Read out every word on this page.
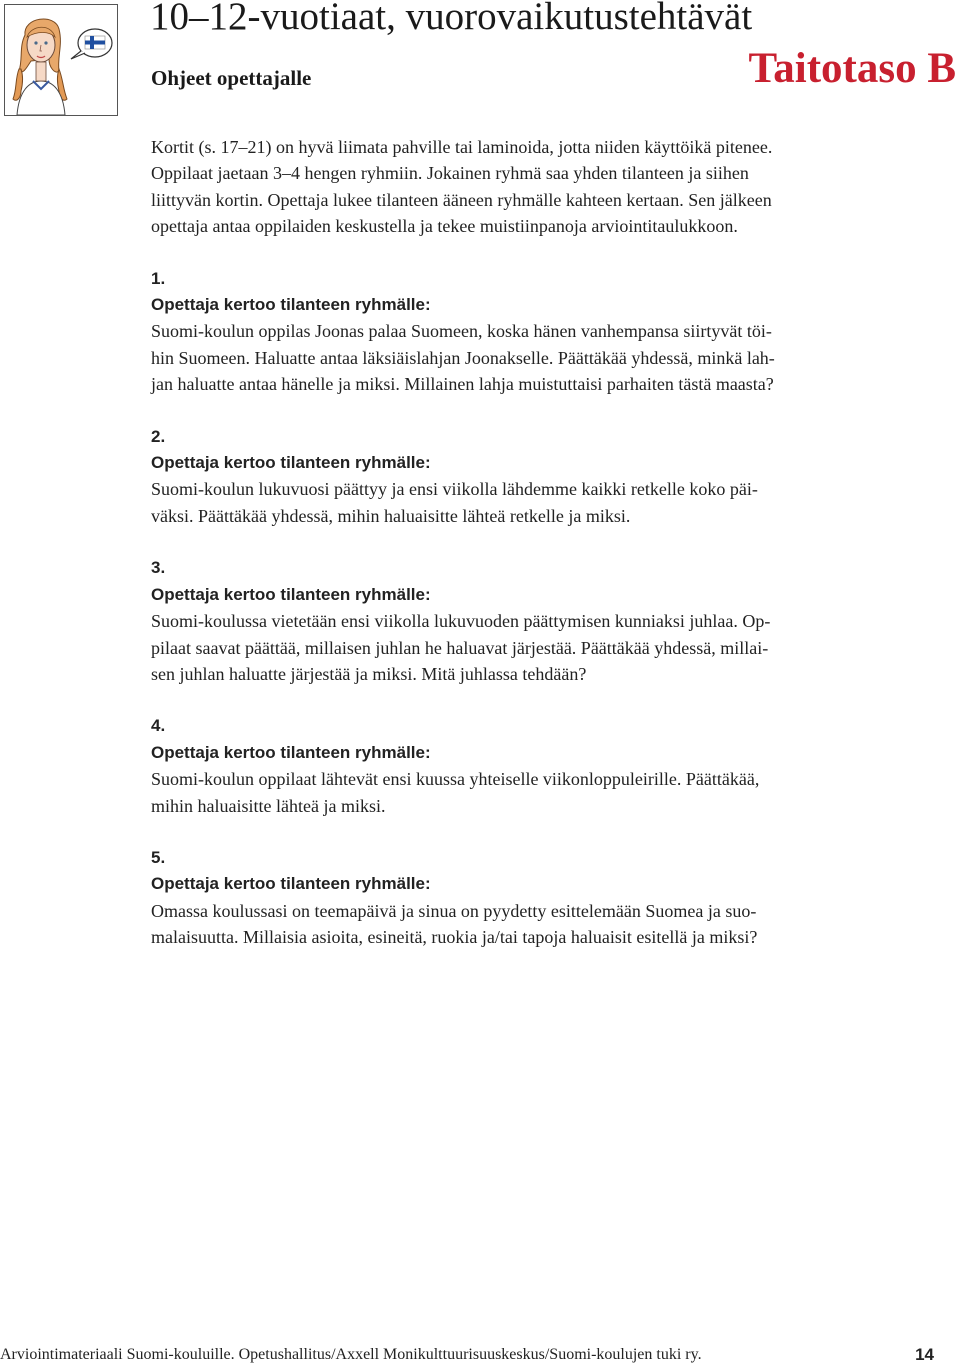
10–12-vuotiaat, vuorovaikutustehtävät
Ohjeet opettajalle	Taitotaso B

Kortit (s. 17–21) on hyvä liimata pahville tai laminoida, jotta niiden käyttöikä pitenee.

Oppilaat jaetaan 3–4 hengen ryhmiin. Jokainen ryhmä saa yhden tilanteen ja siihen

liittyvän kortin. Opettaja lukee tilanteen ääneen ryhmälle kahteen kertaan. Sen jälkeen

opettaja antaa oppilaiden keskustella ja tekee muistiinpanoja arviointitaulukkoon.

1.
Opettaja kertoo tilanteen ryhmälle:

Suomi-koulun oppilas Joonas palaa Suomeen, koska hänen vanhempansa siirtyvät töi-

hin Suomeen. Haluatte antaa läksiäislahjan Joonakselle. Päättäkää yhdessä, minkä lah-

jan haluatte antaa hänelle ja miksi. Millainen lahja muistuttaisi parhaiten tästä maasta?

2.
Opettaja kertoo tilanteen ryhmälle:

Suomi-koulun lukuvuosi päättyy ja ensi viikolla lähdemme kaikki retkelle koko päi-

väksi. Päättäkää yhdessä, mihin haluaisitte lähteä retkelle ja miksi.

3.
Opettaja kertoo tilanteen ryhmälle:

Suomi-koulussa vietetään ensi viikolla lukuvuoden päättymisen kunniaksi juhlaa. Op-

pilaat saavat päättää, millaisen juhlan he haluavat järjestää. Päättäkää yhdessä, millai-

sen juhlan haluatte järjestää ja miksi. Mitä juhlassa tehdään?

4.
Opettaja kertoo tilanteen ryhmälle:

Suomi-koulun oppilaat lähtevät ensi kuussa yhteiselle viikonloppuleirille. Päättäkää,

mihin haluaisitte lähteä ja miksi.

5.
Opettaja kertoo tilanteen ryhmälle:

Omassa koulussasi on teemapäivä ja sinua on pyydetty esittelemään Suomea ja suo-

malaisuutta. Millaisia asioita, esineitä, ruokia ja/tai tapoja haluaisit esitellä ja miksi?

Arviointimateriaali Suomi-kouluille. Opetushallitus/Axxell Monikulttuurisuuskeskus/Suomi-koulujen tuki ry.	14
